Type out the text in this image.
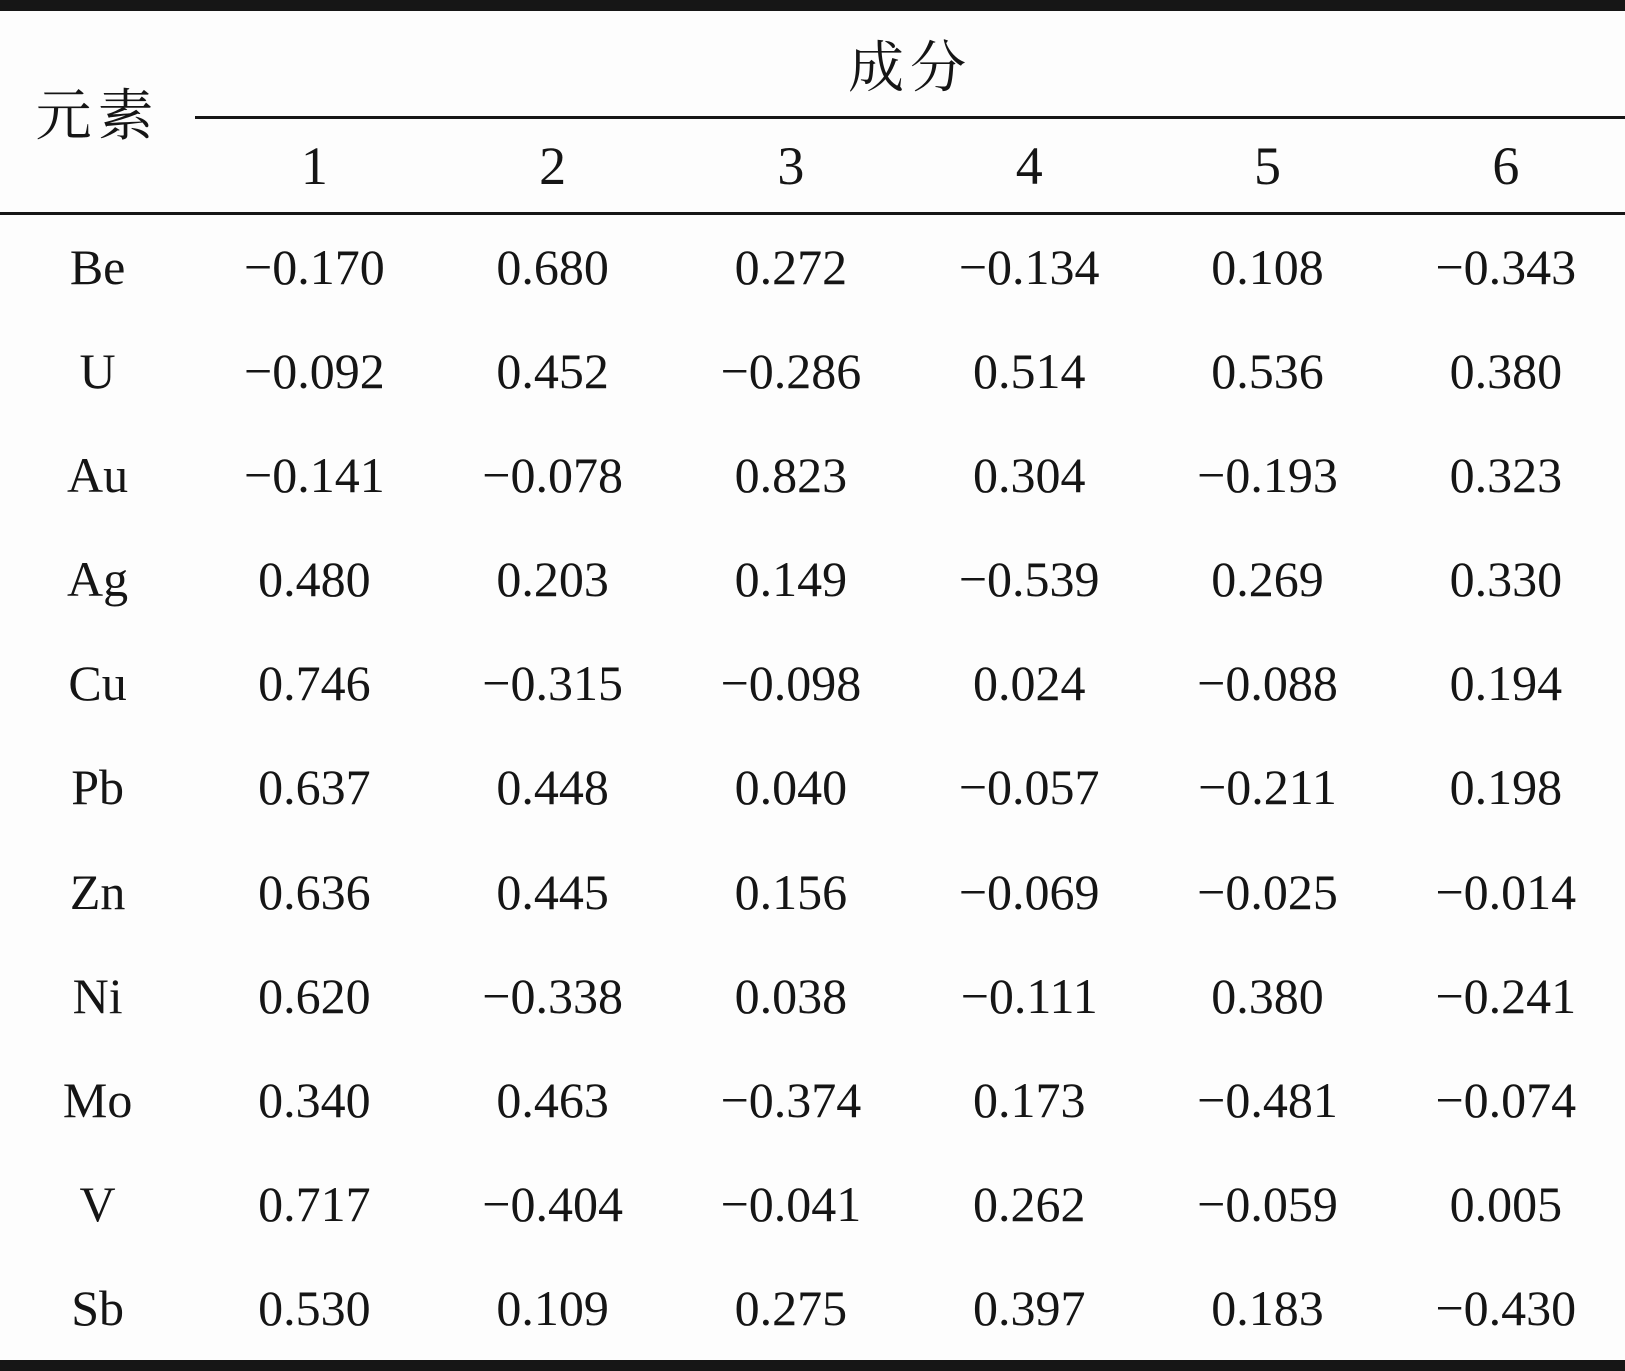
元素	成分					
	1	2	3	4	5	6
Be	−0.170	0.680	0.272	−0.134	0.108	−0.343
U	−0.092	0.452	−0.286	0.514	0.536	0.380
Au	−0.141	−0.078	0.823	0.304	−0.193	0.323
Ag	0.480	0.203	0.149	−0.539	0.269	0.330
Cu	0.746	−0.315	−0.098	0.024	−0.088	0.194
Pb	0.637	0.448	0.040	−0.057	−0.211	0.198
Zn	0.636	0.445	0.156	−0.069	−0.025	−0.014
Ni	0.620	−0.338	0.038	−0.111	0.380	−0.241
Mo	0.340	0.463	−0.374	0.173	−0.481	−0.074
V	0.717	−0.404	−0.041	0.262	−0.059	0.005
Sb	0.530	0.109	0.275	0.397	0.183	−0.430
